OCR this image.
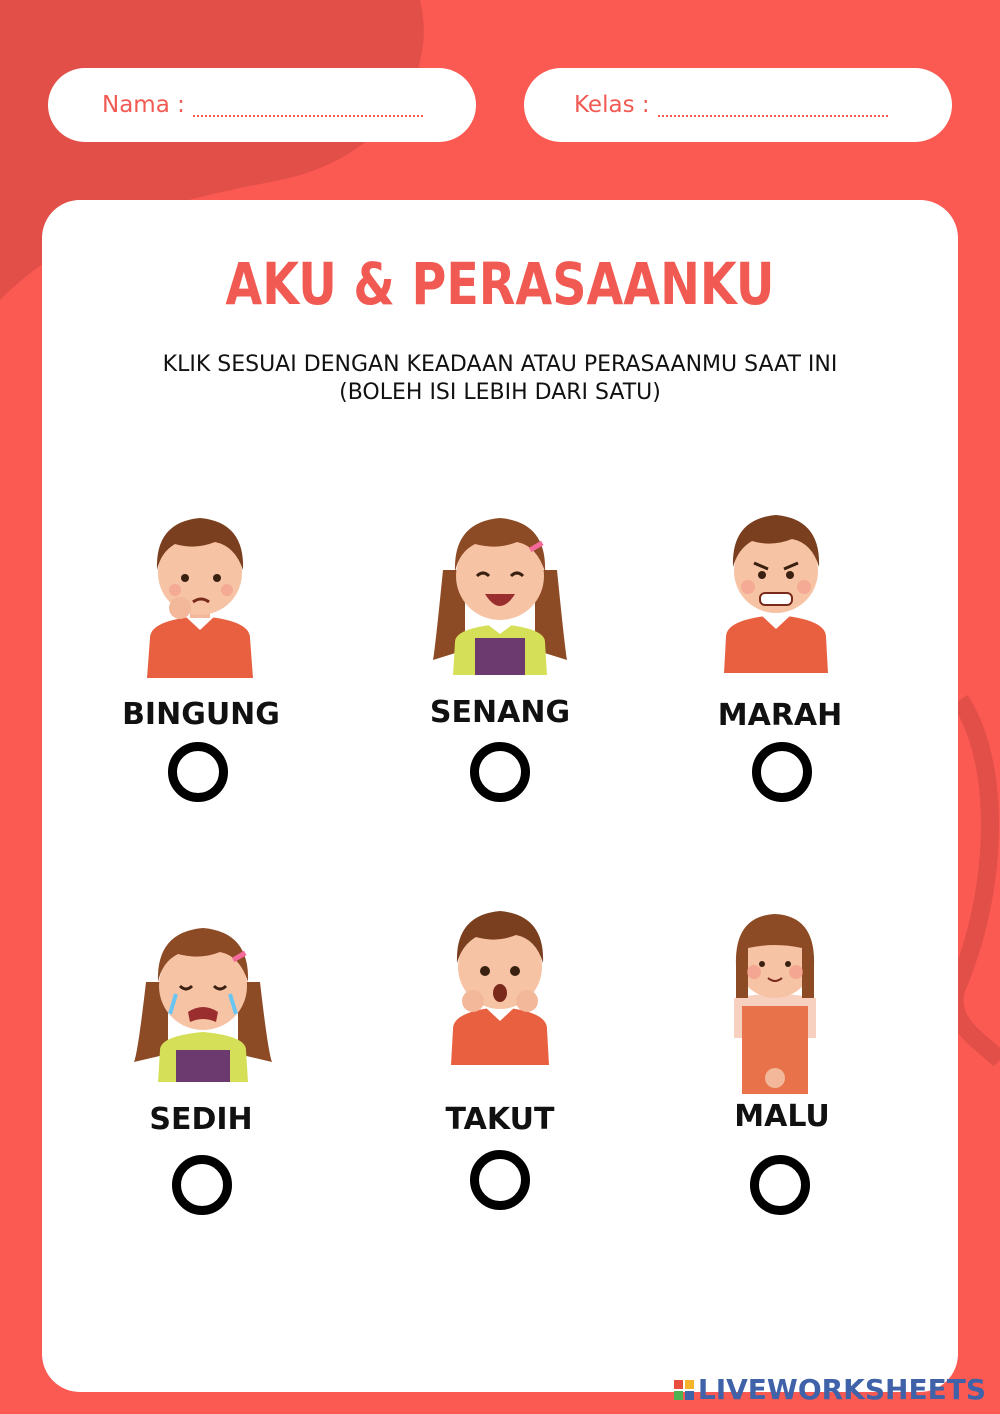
Nama :	Kelas :
AKU & PERASAANKU
KLIK SESUAI DENGAN KEADAAN ATAU PERASAANMU SAAT INI
(BOLEH ISI LEBIH DARI SATU)
BINGUNG	SENANG	MARAH
SEDIH	TAKUT	MALU
LIVEWORKSHEETS
